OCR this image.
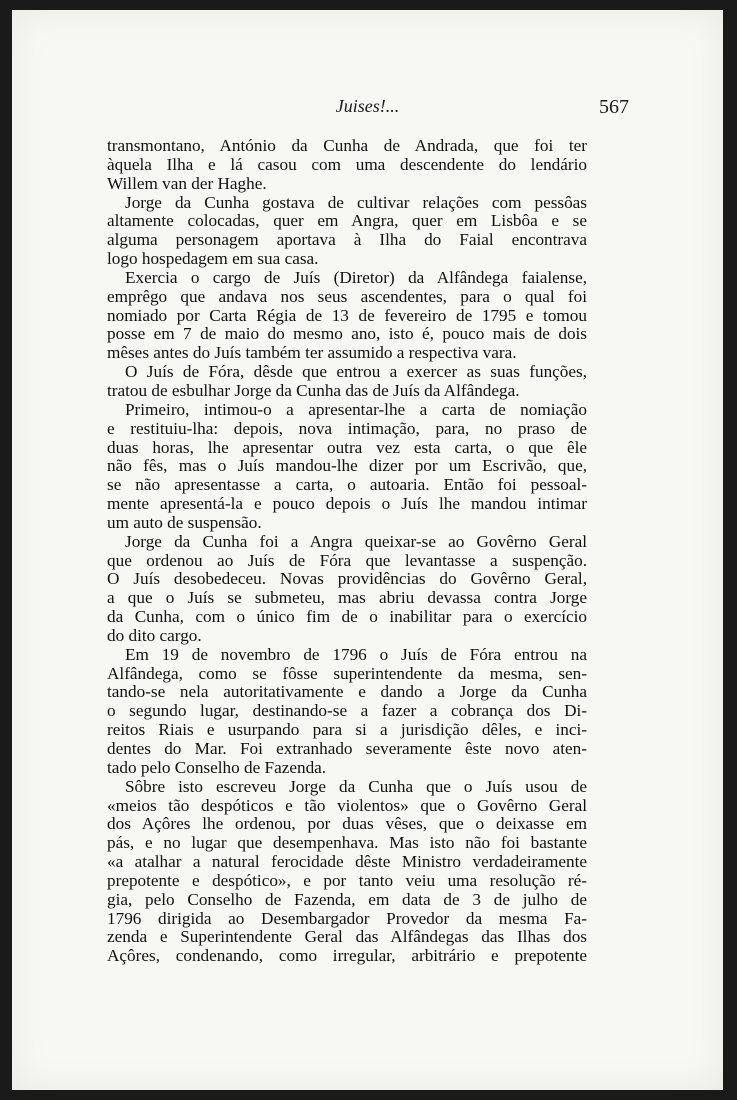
Juises!...	567
transmontano, António da Cunha de Andrada, que foi ter
àquela Ilha e lá casou com uma descendente do lendário
Willem van der Haghe.
Jorge da Cunha gostava de cultivar relações com pessôas
altamente colocadas, quer em Angra, quer em Lisbôa e se
alguma personagem aportava à Ilha do Faial encontrava
logo hospedagem em sua casa.
Exercia o cargo de Juís (Diretor) da Alfândega faialense,
emprêgo que andava nos seus ascendentes, para o qual foi
nomiado por Carta Régia de 13 de fevereiro de 1795 e tomou
posse em 7 de maio do mesmo ano, isto é, pouco mais de dois
mêses antes do Juís também ter assumido a respectiva vara.
O Juís de Fóra, dêsde que entrou a exercer as suas funções,
tratou de esbulhar Jorge da Cunha das de Juís da Alfândega.
Primeiro, intimou-o a apresentar-lhe a carta de nomiação
e restituiu-lha: depois, nova intimação, para, no praso de
duas horas, lhe apresentar outra vez esta carta, o que êle
não fês, mas o Juís mandou-lhe dizer por um Escrivão, que,
se não apresentasse a carta, o autoaria. Então foi pessoal-
mente apresentá-la e pouco depois o Juís lhe mandou intimar
um auto de suspensão.
Jorge da Cunha foi a Angra queixar-se ao Govêrno Geral
que ordenou ao Juís de Fóra que levantasse a suspenção.
O Juís desobedeceu. Novas providências do Govêrno Geral,
a que o Juís se submeteu, mas abriu devassa contra Jorge
da Cunha, com o único fim de o inabilitar para o exercício
do dito cargo.
Em 19 de novembro de 1796 o Juís de Fóra entrou na
Alfândega, como se fôsse superintendente da mesma, sen-
tando-se nela autoritativamente e dando a Jorge da Cunha
o segundo lugar, destinando-se a fazer a cobrança dos Di-
reitos Riais e usurpando para si a jurisdição dêles, e inci-
dentes do Mar. Foi extranhado severamente êste novo aten-
tado pelo Conselho de Fazenda.
Sôbre isto escreveu Jorge da Cunha que o Juís usou de
«meios tão despóticos e tão violentos» que o Govêrno Geral
dos Açôres lhe ordenou, por duas vêses, que o deixasse em
pás, e no lugar que desempenhava. Mas isto não foi bastante
«a atalhar a natural ferocidade dêste Ministro verdadeiramente
prepotente e despótico», e por tanto veiu uma resolução ré-
gia, pelo Conselho de Fazenda, em data de 3 de julho de
1796 dirigida ao Desembargador Provedor da mesma Fa-
zenda e Superintendente Geral das Alfândegas das Ilhas dos
Açôres, condenando, como irregular, arbitrário e prepotente
